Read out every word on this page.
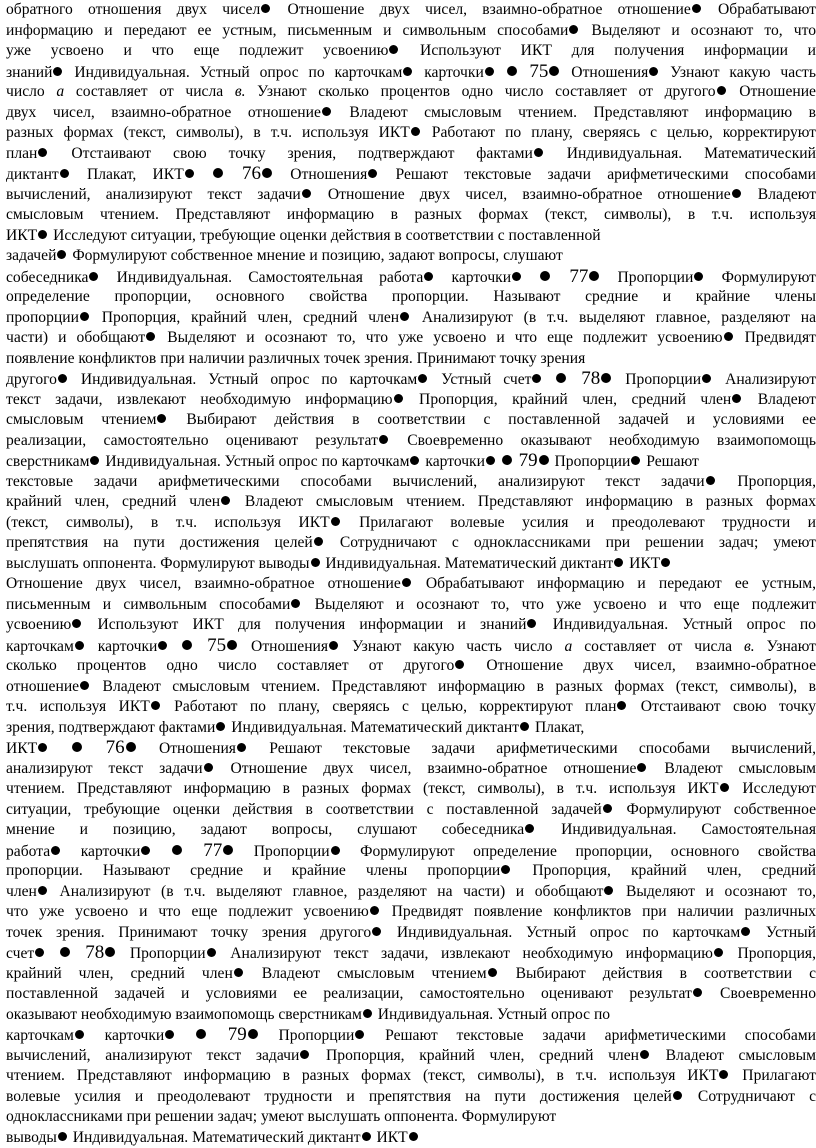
обратного отношения двух чисел Отношение двух чисел, взаимно-обратное отношение Обрабатывают
информацию и передают ее устным, письменным и символьным способами Выделяют и осознают то, что
уже усвоено и что еще подлежит усвоению Используют ИКТ для получения информации и
знаний Индивидуальная. Устный опрос по карточкам карточки  75 Отношения Узнают какую часть
число а составляет от числа в. Узнают сколько процентов одно число составляет от другого Отношение
двух чисел, взаимно-обратное отношение Владеют смысловым чтением. Представляют информацию в
разных формах (текст, символы), в т.ч. используя ИКТ Работают по плану, сверяясь с целью, корректируют
план Отстаивают свою точку зрения, подтверждают фактами Индивидуальная. Математический
диктант Плакат, ИКТ  76 Отношения Решают текстовые задачи арифметическими способами
вычислений, анализируют текст задачи Отношение двух чисел, взаимно-обратное отношение Владеют
смысловым чтением. Представляют информацию в разных формах (текст, символы), в т.ч. используя
ИКТ Исследуют ситуации, требующие оценки действия в соответствии с поставленной
задачей Формулируют собственное мнение и позицию, задают вопросы, слушают
собеседника Индивидуальная. Самостоятельная работа карточки  77 Пропорции Формулируют
определение пропорции, основного свойства пропорции. Называют средние и крайние члены
пропорции Пропорция, крайний член, средний член Анализируют (в т.ч. выделяют главное, разделяют на
части) и обобщают Выделяют и осознают то, что уже усвоено и что еще подлежит усвоению Предвидят
появление конфликтов при наличии различных точек зрения. Принимают точку зрения
другого Индивидуальная. Устный опрос по карточкам Устный счет  78 Пропорции Анализируют
текст задачи, извлекают необходимую информацию Пропорция, крайний член, средний член Владеют
смысловым чтением Выбирают действия в соответствии с поставленной задачей и условиями ее
реализации, самостоятельно оценивают результат Своевременно оказывают необходимую взаимопомощь
сверстникам Индивидуальная. Устный опрос по карточкам карточки  79 Пропорции Решают
текстовые задачи арифметическими способами вычислений, анализируют текст задачи Пропорция,
крайний член, средний член Владеют смысловым чтением. Представляют информацию в разных формах
(текст, символы), в т.ч. используя ИКТ Прилагают волевые усилия и преодолевают трудности и
препятствия на пути достижения целей Сотрудничают с одноклассниками при решении задач; умеют
выслушать оппонента. Формулируют выводы Индивидуальная. Математический диктант ИКТ
Отношение двух чисел, взаимно-обратное отношение Обрабатывают информацию и передают ее устным,
письменным и символьным способами Выделяют и осознают то, что уже усвоено и что еще подлежит
усвоению Используют ИКТ для получения информации и знаний Индивидуальная. Устный опрос по
карточкам карточки  75 Отношения Узнают какую часть число а составляет от числа в. Узнают
сколько процентов одно число составляет от другого Отношение двух чисел, взаимно-обратное
отношение Владеют смысловым чтением. Представляют информацию в разных формах (текст, символы), в
т.ч. используя ИКТ Работают по плану, сверяясь с целью, корректируют план Отстаивают свою точку
зрения, подтверждают фактами Индивидуальная. Математический диктант Плакат,
ИКТ  76 Отношения Решают текстовые задачи арифметическими способами вычислений,
анализируют текст задачи Отношение двух чисел, взаимно-обратное отношение Владеют смысловым
чтением. Представляют информацию в разных формах (текст, символы), в т.ч. используя ИКТ Исследуют
ситуации, требующие оценки действия в соответствии с поставленной задачей Формулируют собственное
мнение и позицию, задают вопросы, слушают собеседника Индивидуальная. Самостоятельная
работа карточки  77 Пропорции Формулируют определение пропорции, основного свойства
пропорции. Называют средние и крайние члены пропорции Пропорция, крайний член, средний
член Анализируют (в т.ч. выделяют главное, разделяют на части) и обобщают Выделяют и осознают то,
что уже усвоено и что еще подлежит усвоению Предвидят появление конфликтов при наличии различных
точек зрения. Принимают точку зрения другого Индивидуальная. Устный опрос по карточкам Устный
счет  78 Пропорции Анализируют текст задачи, извлекают необходимую информацию Пропорция,
крайний член, средний член Владеют смысловым чтением Выбирают действия в соответствии с
поставленной задачей и условиями ее реализации, самостоятельно оценивают результат Своевременно
оказывают необходимую взаимопомощь сверстникам Индивидуальная. Устный опрос по
карточкам карточки  79 Пропорции Решают текстовые задачи арифметическими способами
вычислений, анализируют текст задачи Пропорция, крайний член, средний член Владеют смысловым
чтением. Представляют информацию в разных формах (текст, символы), в т.ч. используя ИКТ Прилагают
волевые усилия и преодолевают трудности и препятствия на пути достижения целей Сотрудничают с
одноклассниками при решении задач; умеют выслушать оппонента. Формулируют
выводы Индивидуальная. Математический диктант ИКТ
